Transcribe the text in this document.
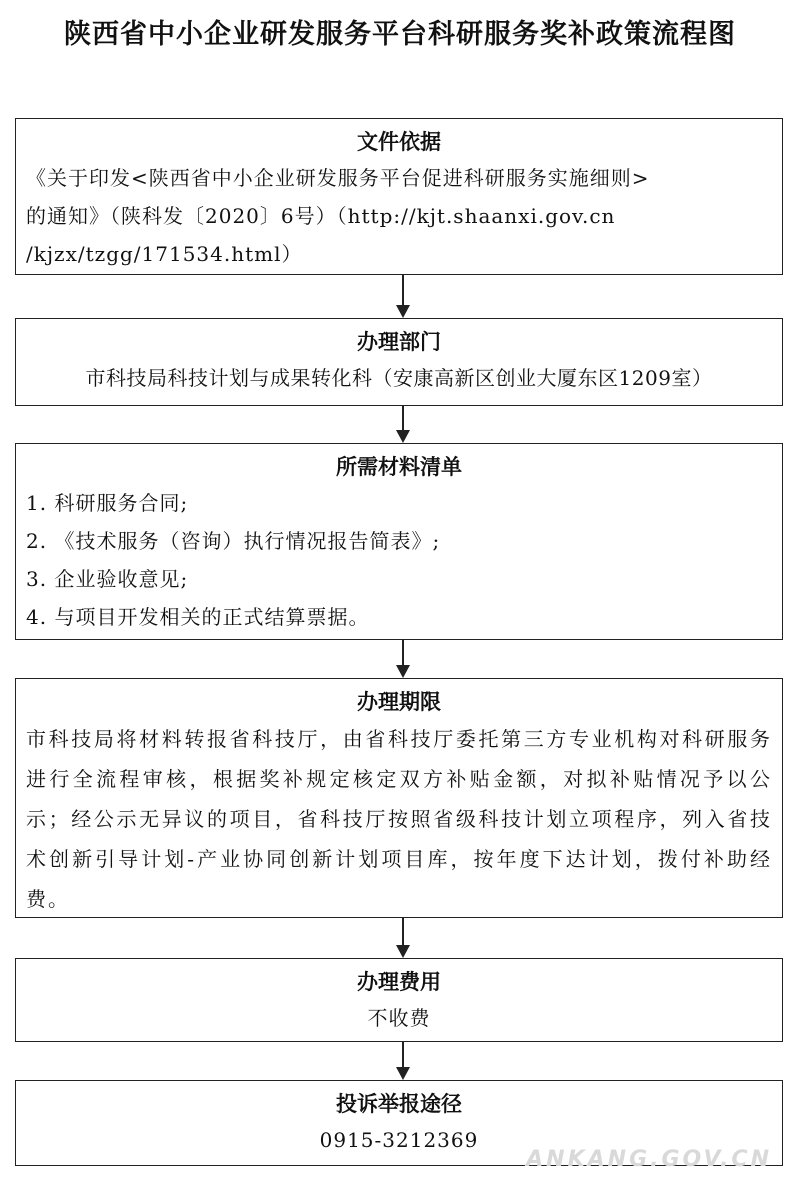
陕西省中小企业研发服务平台科研服务奖补政策流程图
文件依据
《关于印发<陕西省中小企业研发服务平台促进科研服务实施细则>
的通知》（陕科发〔2020〕6号）（http://kjt.shaanxi.gov.cn
/kjzx/tzgg/171534.html）
办理部门
市科技局科技计划与成果转化科（安康高新区创业大厦东区1209室）
所需材料清单
1. 科研服务合同;
2. 《技术服务（咨询）执行情况报告简表》;
3. 企业验收意见;
4. 与项目开发相关的正式结算票据。
办理期限
市科技局将材料转报省科技厅，由省科技厅委托第三方专业机构对科研服务进行全流程审核，根据奖补规定核定双方补贴金额，对拟补贴情况予以公示；经公示无异议的项目，省科技厅按照省级科技计划立项程序，列入省技术创新引导计划-产业协同创新计划项目库，按年度下达计划，拨付补助经费。
办理费用
不收费
投诉举报途径
0915-3212369
ANKANG.GOV.CN
